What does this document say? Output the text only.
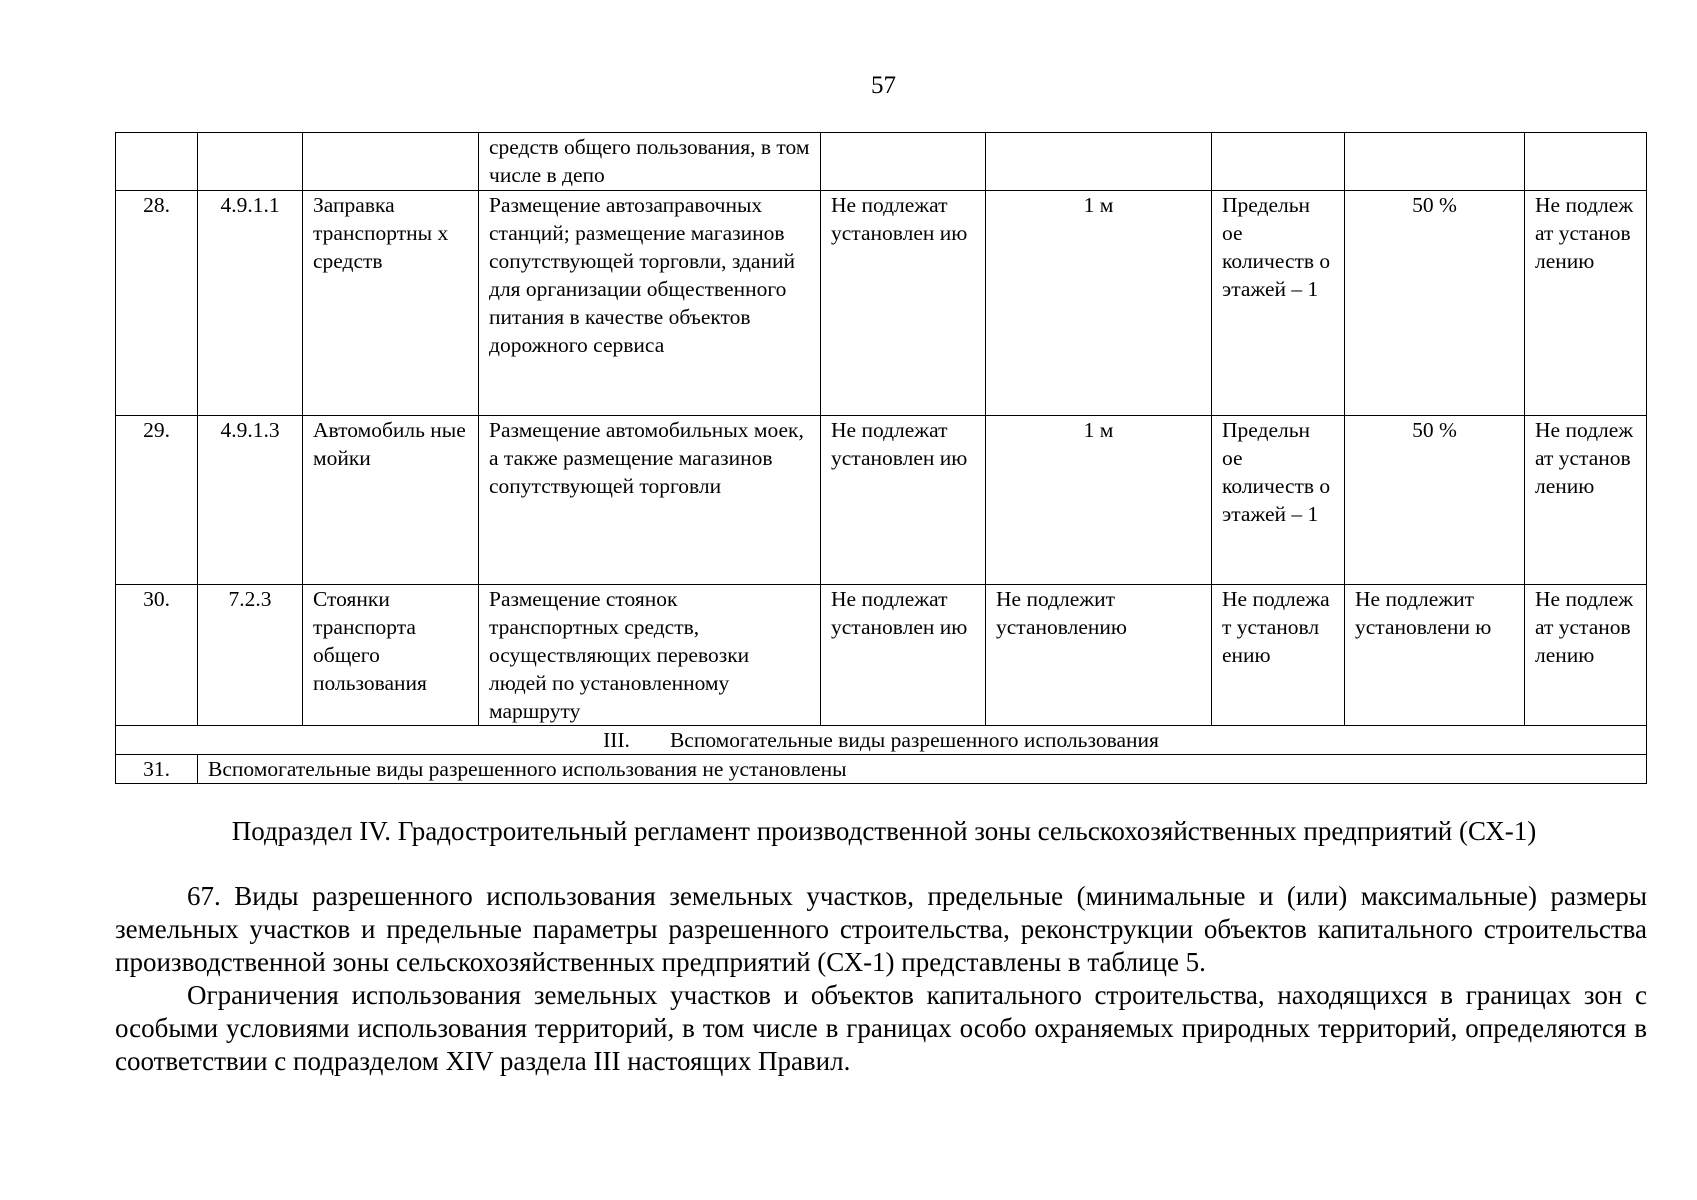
57
			средств общего пользования, в том числе в депо					
28.	4.9.1.1	Заправка транспортны х средств	Размещение автозаправочных станций; размещение магазинов сопутствующей торговли, зданий для организации общественного питания в качестве объектов дорожного сервиса	Не подлежат установлен ию	1 м	Предельн ое количеств о этажей – 1	50 %	Не подлеж ат установ лению
29.	4.9.1.3	Автомобиль ные мойки	Размещение автомобильных моек, а также размещение магазинов сопутствующей торговли	Не подлежат установлен ию	1 м	Предельн ое количеств о этажей – 1	50 %	Не подлеж ат установ лению
30.	7.2.3	Стоянки транспорта общего пользования	Размещение стоянок транспортных средств, осуществляющих перевозки людей по установленному маршруту	Не подлежат установлен ию	Не подлежит установлению	Не подлежа т установл ению	Не подлежит установлени ю	Не подлеж ат установ лению
III. Вспомогательные виды разрешенного использования								
31.	Вспомогательные виды разрешенного использования не установлены							
Подраздел IV. Градостроительный регламент производственной зоны сельскохозяйственных предприятий (СХ-1)

67. Виды разрешенного использования земельных участков, предельные (минимальные и (или) максимальные) размеры земельных участков и предельные параметры разрешенного строительства, реконструкции объектов капитального строительства производственной зоны сельскохозяйственных предприятий (СХ-1) представлены в таблице 5.

Ограничения использования земельных участков и объектов капитального строительства, находящихся в границах зон с особыми условиями использования территорий, в том числе в границах особо охраняемых природных территорий, определяются в соответствии с подразделом XIV раздела III настоящих Правил.
